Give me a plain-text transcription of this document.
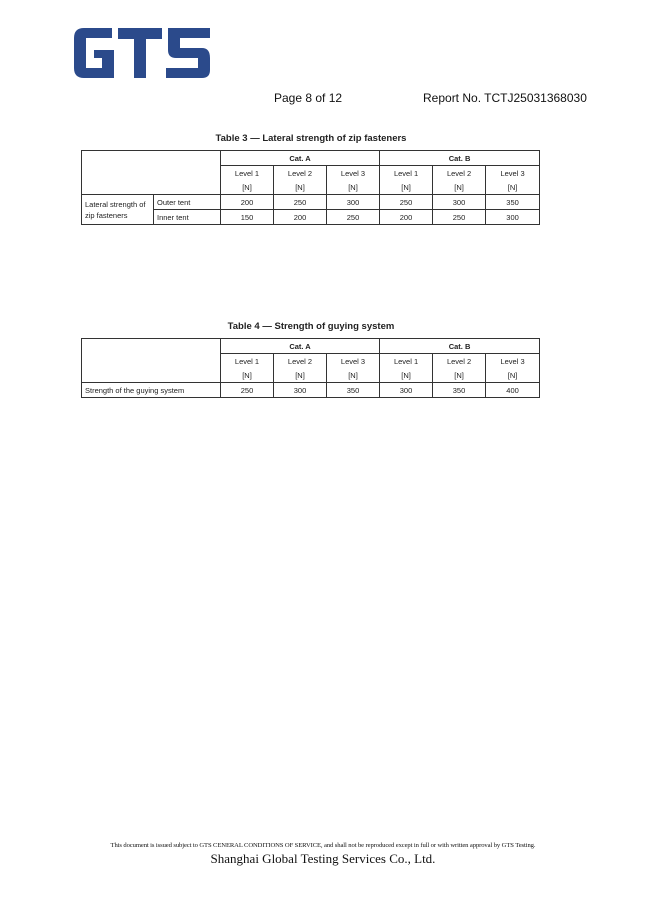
Page 8 of 12	Report No. TCTJ25031368030
Table 3 — Lateral strength of zip fasteners
		Cat. A			Cat. B		
		Level 1	Level 2	Level 3	Level 1	Level 2	Level 3
		[N]	[N]	[N]	[N]	[N]	[N]
Lateral strength of zip fasteners	Outer tent	200	250	300	250	300	350
	Inner tent	150	200	250	200	250	300
Table 4 — Strength of guying system
	Cat. A			Cat. B		
	Level 1	Level 2	Level 3	Level 1	Level 2	Level 3
	[N]	[N]	[N]	[N]	[N]	[N]
Strength of the guying system	250	300	350	300	350	400
This document is issued subject to GTS CENERAL CONDITIONS OF SERVICE, and shall not be reproduced except in full or with written approval by GTS Testing.
Shanghai Global Testing Services Co., Ltd.
